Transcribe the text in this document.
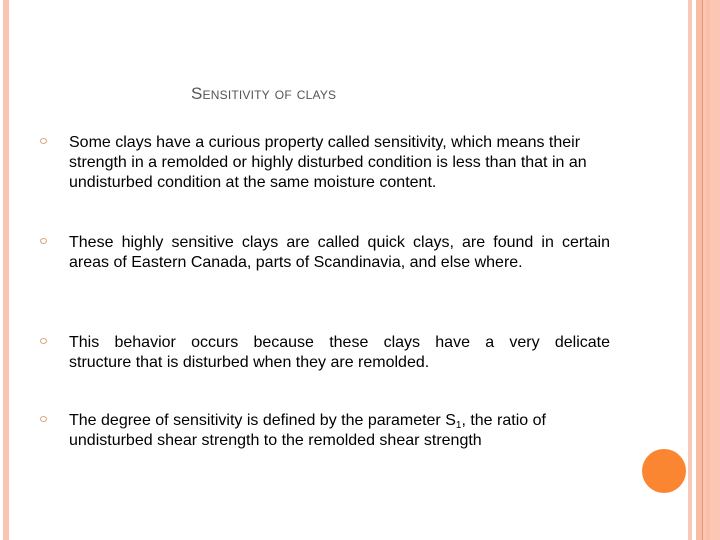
Sensitivity of clays
Some clays have a curious property called sensitivity, which means their strength in a remolded or highly disturbed condition is less than that in an undisturbed condition at the same moisture content.
These highly sensitive clays are called quick clays, are found in certain areas of Eastern Canada, parts of Scandinavia, and else where.
This behavior occurs because these clays have a very delicate
structure that is disturbed when they are remolded.
The degree of sensitivity is defined by the parameter $S_1$, the ratio of undisturbed shear strength to the remolded shear strength
